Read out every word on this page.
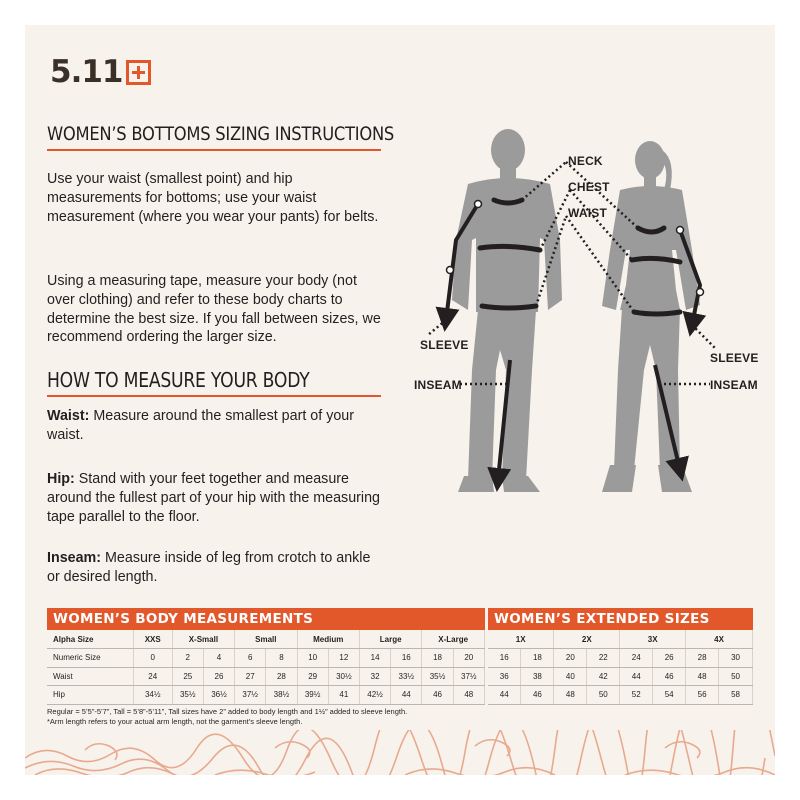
5.11
WOMEN’S BOTTOMS SIZING INSTRUCTIONS
Use your waist (smallest point) and hip measurements for bottoms; use your waist measurement (where you wear your pants) for belts.
Using a measuring tape, measure your body (not over clothing) and refer to these body charts to determine the best size. If you fall between sizes, we recommend ordering the larger size.
HOW TO MEASURE YOUR BODY
Waist: Measure around the smallest part of your waist.
Hip: Stand with your feet together and measure around the fullest part of your hip with the measuring tape parallel to the floor.
Inseam: Measure inside of leg from crotch to ankle or desired length.
NECK
CHEST
WAIST
SLEEVE
INSEAM
SLEEVE
INSEAM
WOMEN’S BODY MEASUREMENTS
Alpha Size	XXS	X-Small		Small		Medium		Large		X-Large	
Numeric Size	0	2	4	6	8	10	12	14	16	18	20
Waist	24	25	26	27	28	29	30½	32	33½	35½	37½
Hip	34½	35½	36½	37½	38½	39½	41	42½	44	46	48
WOMEN’S EXTENDED SIZES
1X		2X		3X		4X	
16	18	20	22	24	26	28	30
36	38	40	42	44	46	48	50
44	46	48	50	52	54	56	58
Regular = 5’5”-5’7”, Tall = 5’8”-5’11”, Tall sizes have 2” added to body length and 1½” added to sleeve length.
*Arm length refers to your actual arm length, not the garment’s sleeve length.
